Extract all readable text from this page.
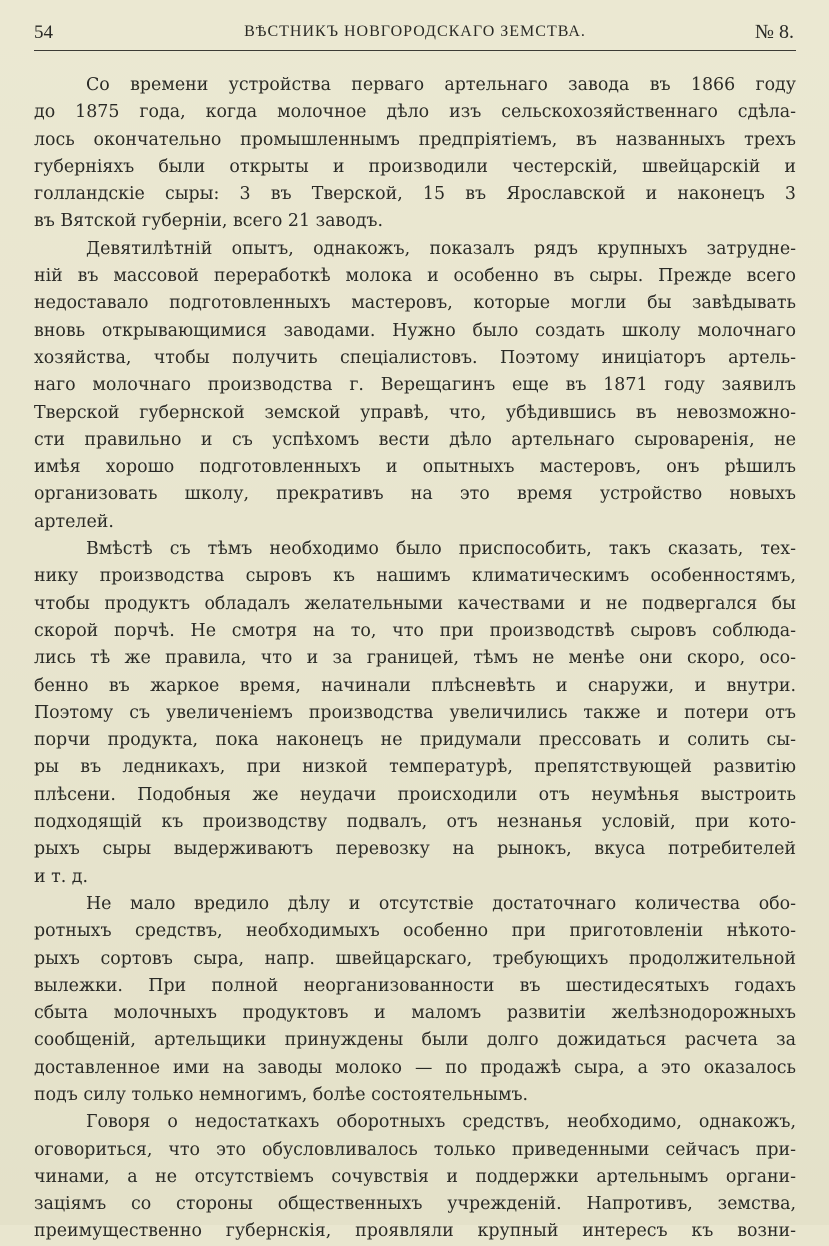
54	ВѢСТНИКЪ НОВГОРОДСКАГО ЗЕМСТВА.	№ 8.
Со времени устройства перваго артельнаго завода въ 1866 году
до 1875 года, когда молочное дѣло изъ сельскохозяйственнаго сдѣла-
лось окончательно промышленнымъ предпріятіемъ, въ названныхъ трехъ
губерніяхъ были открыты и производили честерскій, швейцарскій и
голландскіе сыры: 3 въ Тверской, 15 въ Ярославской и наконецъ 3
въ Вятской губерніи, всего 21 заводъ.
Девятилѣтній опытъ, однакожъ, показалъ рядъ крупныхъ затрудне-
ній въ массовой переработкѣ молока и особенно въ сыры. Прежде всего
недоставало подготовленныхъ мастеровъ, которые могли бы завѣдывать
вновь открывающимися заводами. Нужно было создать школу молочнаго
хозяйства, чтобы получить спеціалистовъ. Поэтому иниціаторъ артель-
наго молочнаго производства г. Верещагинъ еще въ 1871 году заявилъ
Тверской губернской земской управѣ, что, убѣдившись въ невозможно-
сти правильно и съ успѣхомъ вести дѣло артельнаго сыроваренія, не
имѣя хорошо подготовленныхъ и опытныхъ мастеровъ, онъ рѣшилъ
организовать школу, прекративъ на это время устройство новыхъ
артелей.
Вмѣстѣ съ тѣмъ необходимо было приспособить, такъ сказать, тех-
нику производства сыровъ къ нашимъ климатическимъ особенностямъ,
чтобы продуктъ обладалъ желательными качествами и не подвергался бы
скорой порчѣ. Не смотря на то, что при производствѣ сыровъ соблюда-
лись тѣ же правила, что и за границей, тѣмъ не менѣе они скоро, осо-
бенно въ жаркое время, начинали плѣсневѣть и снаружи, и внутри.
Поэтому съ увеличеніемъ производства увеличились также и потери отъ
порчи продукта, пока наконецъ не придумали прессовать и солить сы-
ры въ ледникахъ, при низкой температурѣ, препятствующей развитію
плѣсени. Подобныя же неудачи происходили отъ неумѣнья выстроить
подходящій къ производству подвалъ, отъ незнанья условій, при кото-
рыхъ сыры выдерживаютъ перевозку на рынокъ, вкуса потребителей
и т. д.
Не мало вредило дѣлу и отсутствіе достаточнаго количества обо-
ротныхъ средствъ, необходимыхъ особенно при приготовленіи нѣкото-
рыхъ сортовъ сыра, напр. швейцарскаго, требующихъ продолжительной
вылежки. При полной неорганизованности въ шестидесятыхъ годахъ
сбыта молочныхъ продуктовъ и маломъ развитіи желѣзнодорожныхъ
сообщеній, артельщики принуждены были долго дожидаться расчета за
доставленное ими на заводы молоко — по продажѣ сыра, а это оказалось
подъ силу только немногимъ, болѣе состоятельнымъ.
Говоря о недостаткахъ оборотныхъ средствъ, необходимо, однакожъ,
оговориться, что это обусловливалось только приведенными сейчасъ при-
чинами, а не отсутствіемъ сочувствія и поддержки артельнымъ органи-
заціямъ со стороны общественныхъ учрежденій. Напротивъ, земства,
преимущественно губернскія, проявляли крупный интересъ къ возни-
